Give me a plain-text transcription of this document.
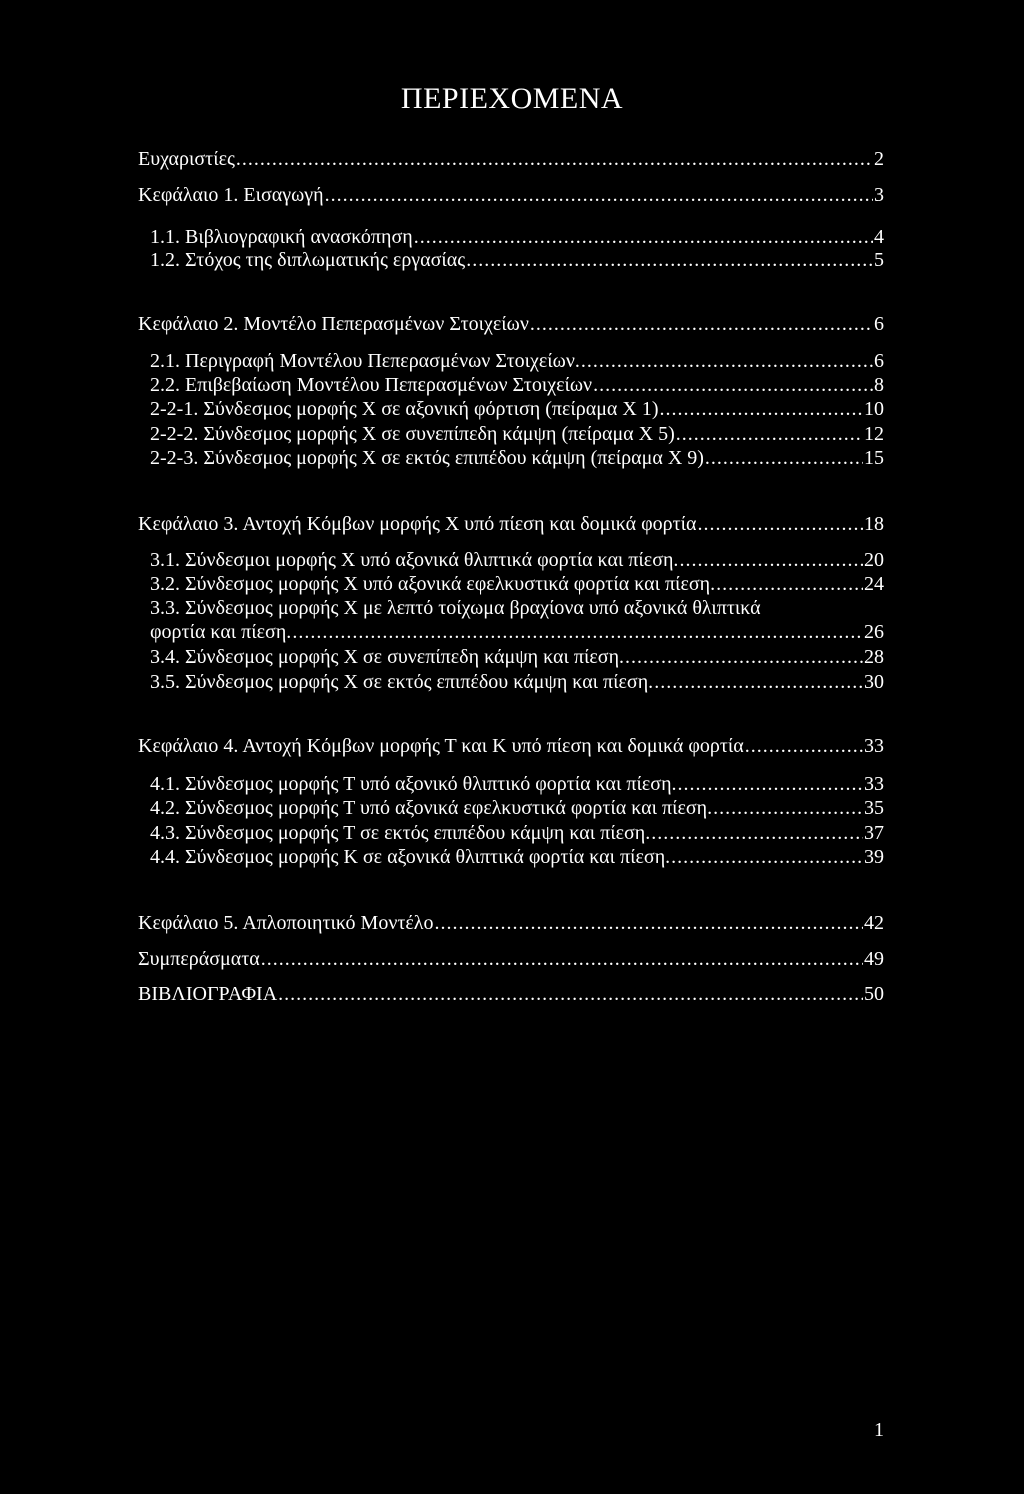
ΠΕΡΙΕΧΟΜΕΝΑ
Ευχαριστίες .....	2
Κεφάλαιο 1. Εισαγωγή .....	3
1.1. Βιβλιογραφική ανασκόπηση .....	4
1.2. Στόχος της διπλωματικής εργασίας .....	5
Κεφάλαιο 2. Μοντέλο Πεπερασμένων Στοιχείων .....	6
2.1. Περιγραφή Μοντέλου Πεπερασμένων Στοιχείων. .....	6
2.2. Επιβεβαίωση Μοντέλου Πεπερασμένων Στοιχείων .....	8
2-2-1. Σύνδεσμος μορφής Χ σε αξονική φόρτιση (πείραμα Χ 1) .....	10
2-2-2. Σύνδεσμος μορφής Χ σε συνεπίπεδη κάμψη (πείραμα Χ 5) .....	12
2-2-3. Σύνδεσμος μορφής Χ σε εκτός επιπέδου κάμψη (πείραμα Χ 9) .....	15
Κεφάλαιο 3. Αντοχή Κόμβων μορφής Χ υπό πίεση και δομικά φορτία .....	18
3.1. Σύνδεσμοι μορφής Χ υπό αξονικά θλιπτικά φορτία και πίεση. .....	20
3.2. Σύνδεσμος μορφής Χ υπό αξονικά εφελκυστικά φορτία και πίεση. .....	24
3.3. Σύνδεσμος μορφής Χ με λεπτό τοίχωμα βραχίονα υπό αξονικά θλιπτικά
φορτία και πίεση. .....	26
3.4. Σύνδεσμος μορφής Χ σε συνεπίπεδη κάμψη και πίεση. .....	28
3.5. Σύνδεσμος μορφής Χ σε εκτός επιπέδου κάμψη και πίεση. .....	30
Κεφάλαιο 4. Αντοχή Κόμβων μορφής Τ και Κ υπό πίεση και δομικά φορτία .....	33
4.1. Σύνδεσμος μορφής Τ υπό αξονικό θλιπτικό φορτία και πίεση. .....	33
4.2. Σύνδεσμος μορφής Τ υπό αξονικά εφελκυστικά φορτία και πίεση. .....	35
4.3. Σύνδεσμος μορφής Τ σε εκτός επιπέδου κάμψη και πίεση. .....	37
4.4. Σύνδεσμος μορφής Κ σε αξονικά θλιπτικά φορτία και πίεση. .....	39
Κεφάλαιο 5. Απλοποιητικό Μοντέλο .....	42
Συμπεράσματα .....	49
ΒΙΒΛΙΟΓΡΑΦΙΑ .....	50
1
